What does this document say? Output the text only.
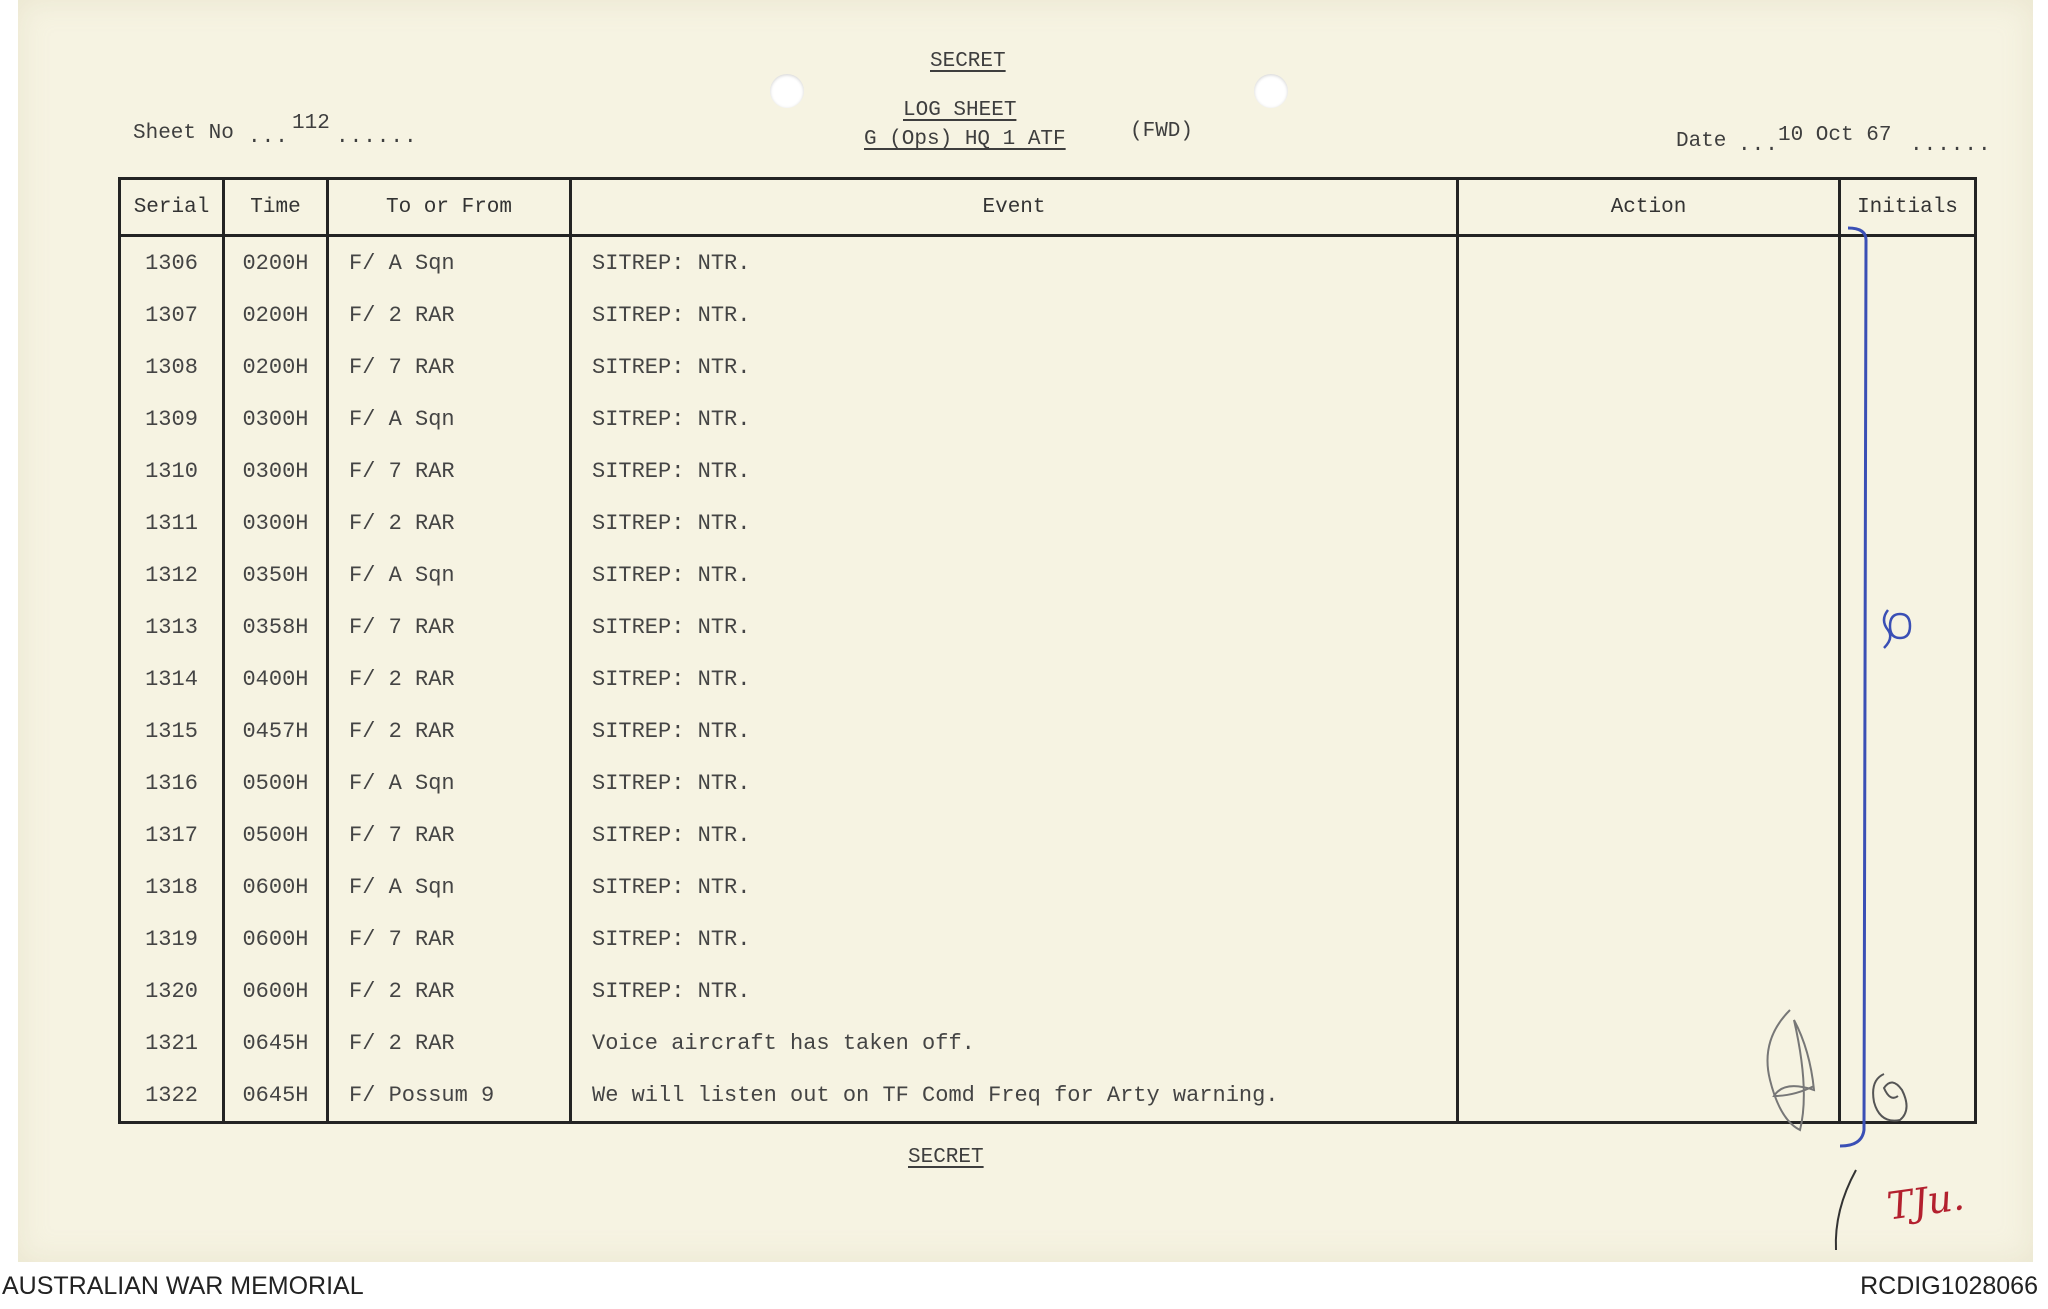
SECRET
LOG SHEET
G (Ops) HQ 1 ATF	(FWD)
Sheet No ...
112
......	Date ... 10 Oct 67 ......
Serial	Time	To or From	Event	Action	Initials
1306	0200H	F/ A Sqn	SITREP: NTR.		
1307	0200H	F/ 2 RAR	SITREP: NTR.		
1308	0200H	F/ 7 RAR	SITREP: NTR.		
1309	0300H	F/ A Sqn	SITREP: NTR.		
1310	0300H	F/ 7 RAR	SITREP: NTR.		
1311	0300H	F/ 2 RAR	SITREP: NTR.		
1312	0350H	F/ A Sqn	SITREP: NTR.		
1313	0358H	F/ 7 RAR	SITREP: NTR.		
1314	0400H	F/ 2 RAR	SITREP: NTR.		
1315	0457H	F/ 2 RAR	SITREP: NTR.		
1316	0500H	F/ A Sqn	SITREP: NTR.		
1317	0500H	F/ 7 RAR	SITREP: NTR.		
1318	0600H	F/ A Sqn	SITREP: NTR.		
1319	0600H	F/ 7 RAR	SITREP: NTR.		
1320	0600H	F/ 2 RAR	SITREP: NTR.		
1321	0645H	F/ 2 RAR	Voice aircraft has taken off.		
1322	0645H	F/ Possum 9	We will listen out on TF Comd Freq for Arty warning.		
SECRET
TJu.
AUSTRALIAN WAR MEMORIAL	RCDIG1028066
